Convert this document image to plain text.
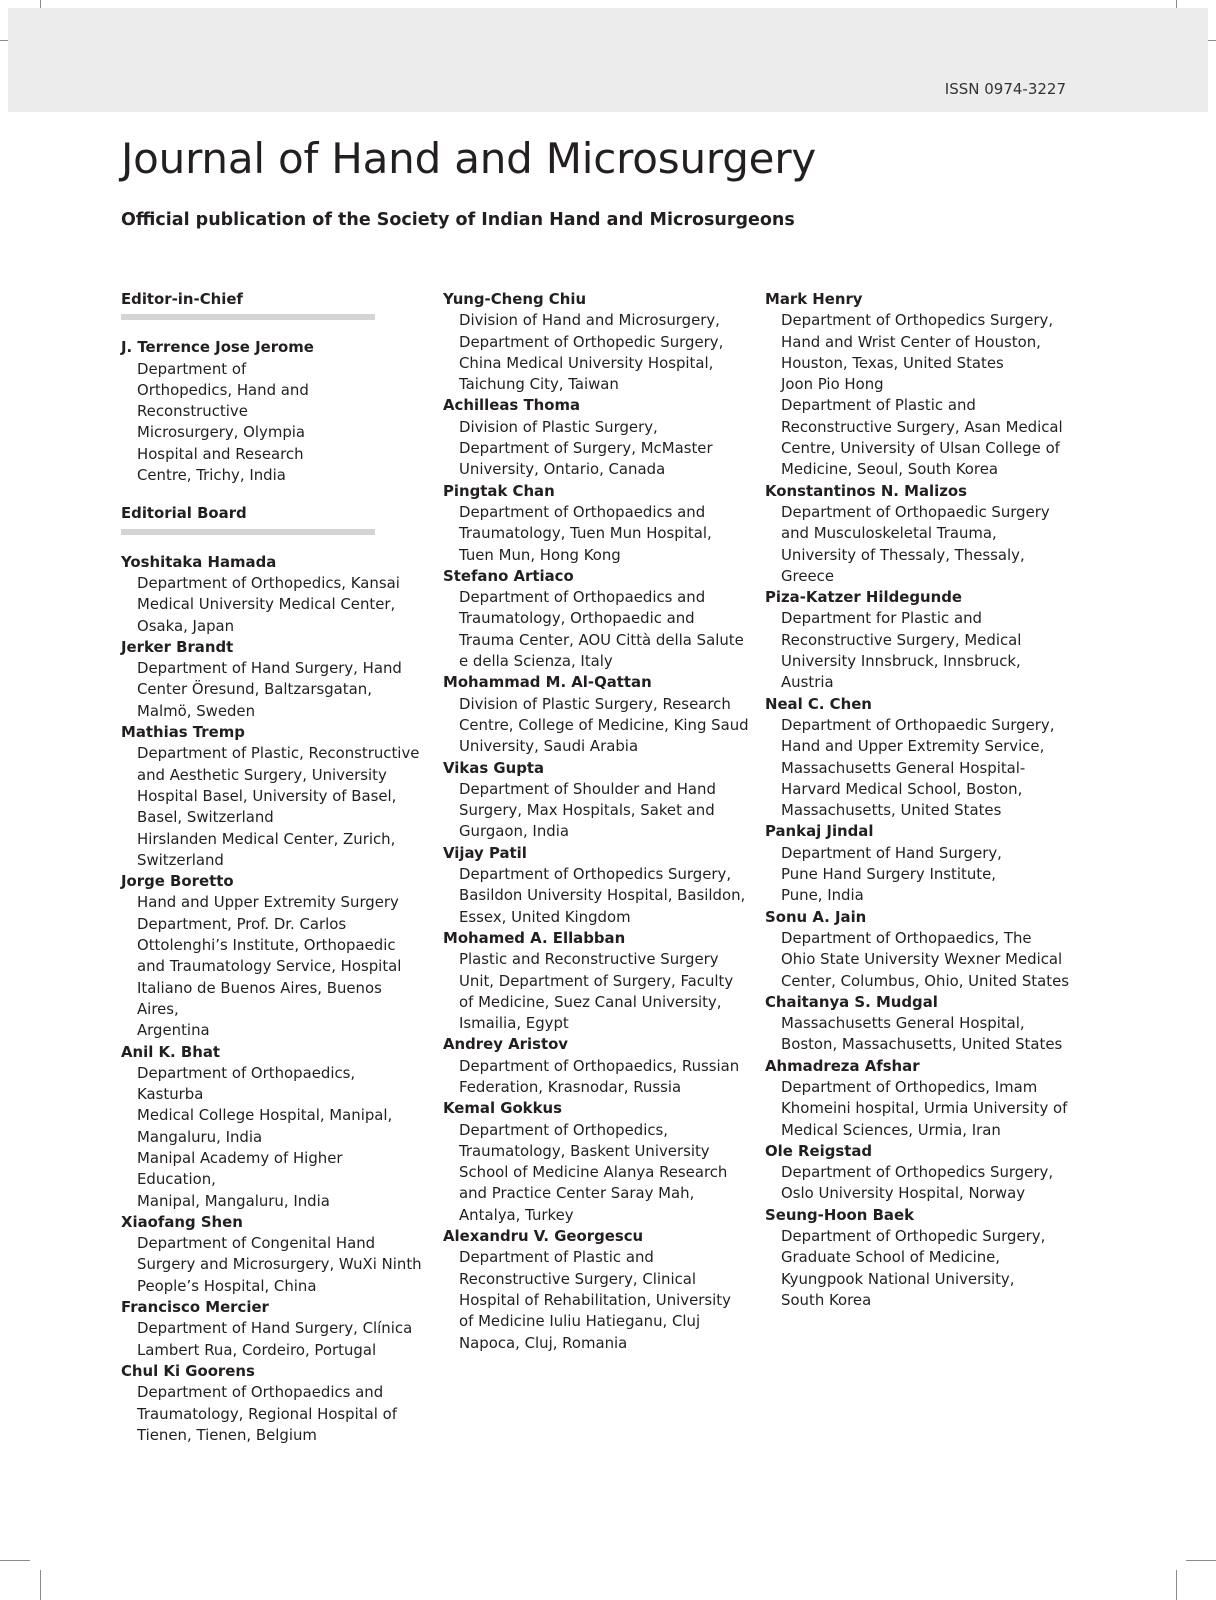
ISSN 0974-3227
Journal of Hand and Microsurgery
Official publication of the Society of Indian Hand and Microsurgeons
Editor-in-Chief
J. Terrence Jose Jerome
Department of
Orthopedics, Hand and
Reconstructive
Microsurgery, Olympia
Hospital and Research
Centre, Trichy, India
Editorial Board
Yoshitaka Hamada
Department of Orthopedics, Kansai
Medical University Medical Center,
Osaka, Japan
Jerker Brandt
Department of Hand Surgery, Hand
Center Öresund, Baltzarsgatan,
Malmö, Sweden
Mathias Tremp
Department of Plastic, Reconstructive
and Aesthetic Surgery, University
Hospital Basel, University of Basel,
Basel, Switzerland
Hirslanden Medical Center, Zurich,
Switzerland
Jorge Boretto
Hand and Upper Extremity Surgery
Department, Prof. Dr. Carlos
Ottolenghi’s Institute, Orthopaedic
and Traumatology Service, Hospital
Italiano de Buenos Aires, Buenos Aires,
Argentina
Anil K. Bhat
Department of Orthopaedics, Kasturba
Medical College Hospital, Manipal,
Mangaluru, India
Manipal Academy of Higher Education,
Manipal, Mangaluru, India
Xiaofang Shen
Department of Congenital Hand
Surgery and Microsurgery, WuXi Ninth
People’s Hospital, China
Francisco Mercier
Department of Hand Surgery, Clínica
Lambert Rua, Cordeiro, Portugal
Chul Ki Goorens
Department of Orthopaedics and
Traumatology, Regional Hospital of
Tienen, Tienen, Belgium
Yung-Cheng Chiu
Division of Hand and Microsurgery,
Department of Orthopedic Surgery,
China Medical University Hospital,
Taichung City, Taiwan
Achilleas Thoma
Division of Plastic Surgery,
Department of Surgery, McMaster
University, Ontario, Canada
Pingtak Chan
Department of Orthopaedics and
Traumatology, Tuen Mun Hospital,
Tuen Mun, Hong Kong
Stefano Artiaco
Department of Orthopaedics and
Traumatology, Orthopaedic and
Trauma Center, AOU Città della Salute
e della Scienza, Italy
Mohammad M. Al-Qattan
Division of Plastic Surgery, Research
Centre, College of Medicine, King Saud
University, Saudi Arabia
Vikas Gupta
Department of Shoulder and Hand
Surgery, Max Hospitals, Saket and
Gurgaon, India
Vijay Patil
Department of Orthopedics Surgery,
Basildon University Hospital, Basildon,
Essex, United Kingdom
Mohamed A. Ellabban
Plastic and Reconstructive Surgery
Unit, Department of Surgery, Faculty
of Medicine, Suez Canal University,
Ismailia, Egypt
Andrey Aristov
Department of Orthopaedics, Russian
Federation, Krasnodar, Russia
Kemal Gokkus
Department of Orthopedics,
Traumatology, Baskent University
School of Medicine Alanya Research
and Practice Center Saray Mah,
Antalya, Turkey
Alexandru V. Georgescu
Department of Plastic and
Reconstructive Surgery, Clinical
Hospital of Rehabilitation, University
of Medicine Iuliu Hatieganu, Cluj
Napoca, Cluj, Romania
Mark Henry
Department of Orthopedics Surgery,
Hand and Wrist Center of Houston,
Houston, Texas, United States
Joon Pio Hong
Department of Plastic and
Reconstructive Surgery, Asan Medical
Centre, University of Ulsan College of
Medicine, Seoul, South Korea
Konstantinos N. Malizos
Department of Orthopaedic Surgery
and Musculoskeletal Trauma,
University of Thessaly, Thessaly,
Greece
Piza-Katzer Hildegunde
Department for Plastic and
Reconstructive Surgery, Medical
University Innsbruck, Innsbruck,
Austria
Neal C. Chen
Department of Orthopaedic Surgery,
Hand and Upper Extremity Service,
Massachusetts General Hospital-
Harvard Medical School, Boston,
Massachusetts, United States
Pankaj Jindal
Department of Hand Surgery,
Pune Hand Surgery Institute,
Pune, India
Sonu A. Jain
Department of Orthopaedics, The
Ohio State University Wexner Medical
Center, Columbus, Ohio, United States
Chaitanya S. Mudgal
Massachusetts General Hospital,
Boston, Massachusetts, United States
Ahmadreza Afshar
Department of Orthopedics, Imam
Khomeini hospital, Urmia University of
Medical Sciences, Urmia, Iran
Ole Reigstad
Department of Orthopedics Surgery,
Oslo University Hospital, Norway
Seung-Hoon Baek
Department of Orthopedic Surgery,
Graduate School of Medicine,
Kyungpook National University,
South Korea
